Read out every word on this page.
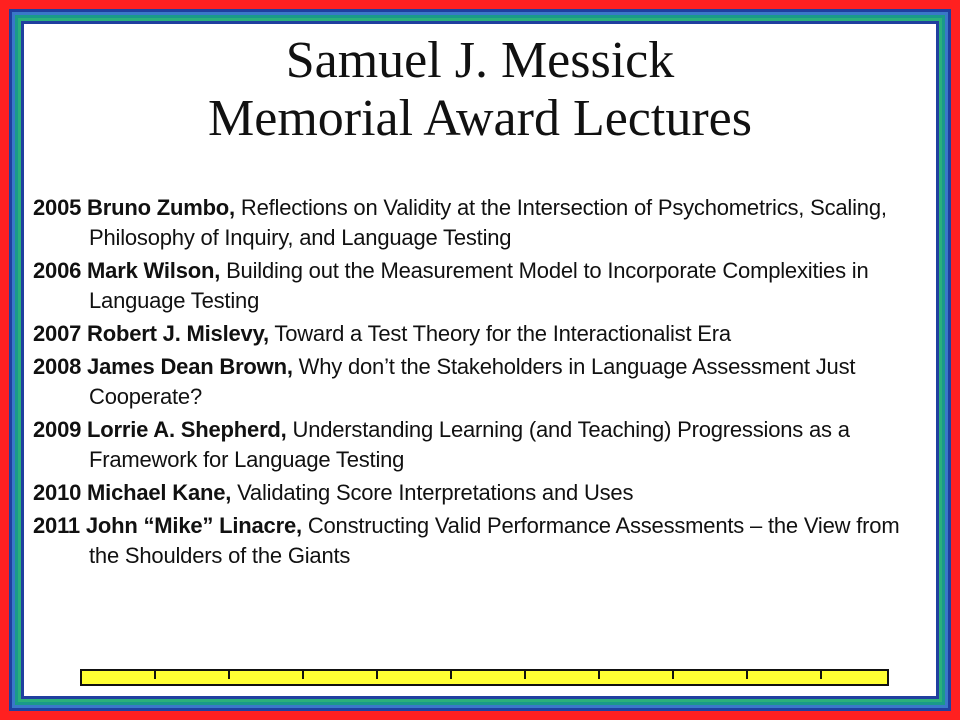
Samuel J. Messick
Memorial Award Lectures
2005 Bruno Zumbo, Reflections on Validity at the Intersection of Psychometrics, Scaling, Philosophy of Inquiry, and Language Testing
2006 Mark Wilson, Building out the Measurement Model to Incorporate Complexities in Language Testing
2007 Robert J. Mislevy, Toward a Test Theory for the Interactionalist Era
2008 James Dean Brown, Why don’t the Stakeholders in Language Assessment Just Cooperate?
2009 Lorrie A. Shepherd, Understanding Learning (and Teaching) Progressions as a Framework for Language Testing
2010 Michael Kane, Validating Score Interpretations and Uses
2011 John “Mike” Linacre, Constructing Valid Performance Assessments – the View from the Shoulders of the Giants
